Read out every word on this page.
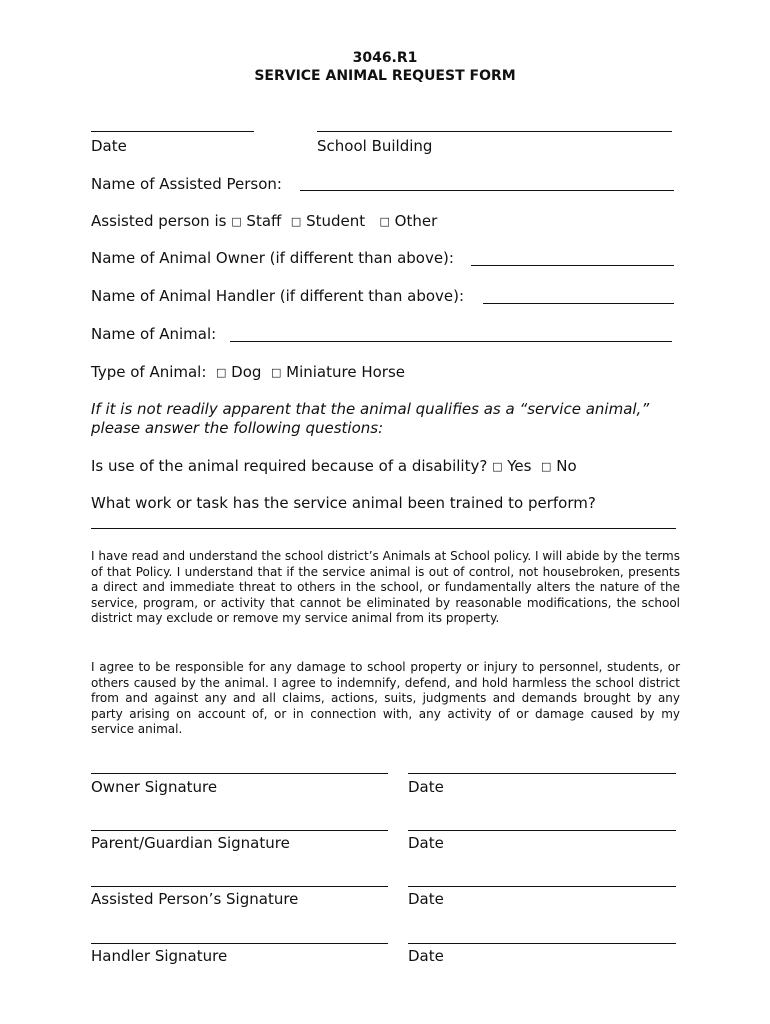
3046.R1
SERVICE ANIMAL REQUEST FORM
Date	School Building
Name of Assisted Person:
Assisted person is □ Staff □ Student □ Other
Name of Animal Owner (if different than above):
Name of Animal Handler (if different than above):
Name of Animal:
Type of Animal: □ Dog □ Miniature Horse
If it is not readily apparent that the animal qualifies as a “service animal,”
please answer the following questions:
Is use of the animal required because of a disability? □ Yes □ No
What work or task has the service animal been trained to perform?
I have read and understand the school district’s Animals at School policy. I will abide by the terms of that Policy. I understand that if the service animal is out of control, not housebroken, presents a direct and immediate threat to others in the school, or fundamentally alters the nature of the service, program, or activity that cannot be eliminated by reasonable modifications, the school district may exclude or remove my service animal from its property.
I agree to be responsible for any damage to school property or injury to personnel, students, or others caused by the animal. I agree to indemnify, defend, and hold harmless the school district from and against any and all claims, actions, suits, judgments and demands brought by any party arising on account of, or in connection with, any activity of or damage caused by my service animal.
Owner Signature	Date
Parent/Guardian Signature	Date
Assisted Person’s Signature	Date
Handler Signature	Date
